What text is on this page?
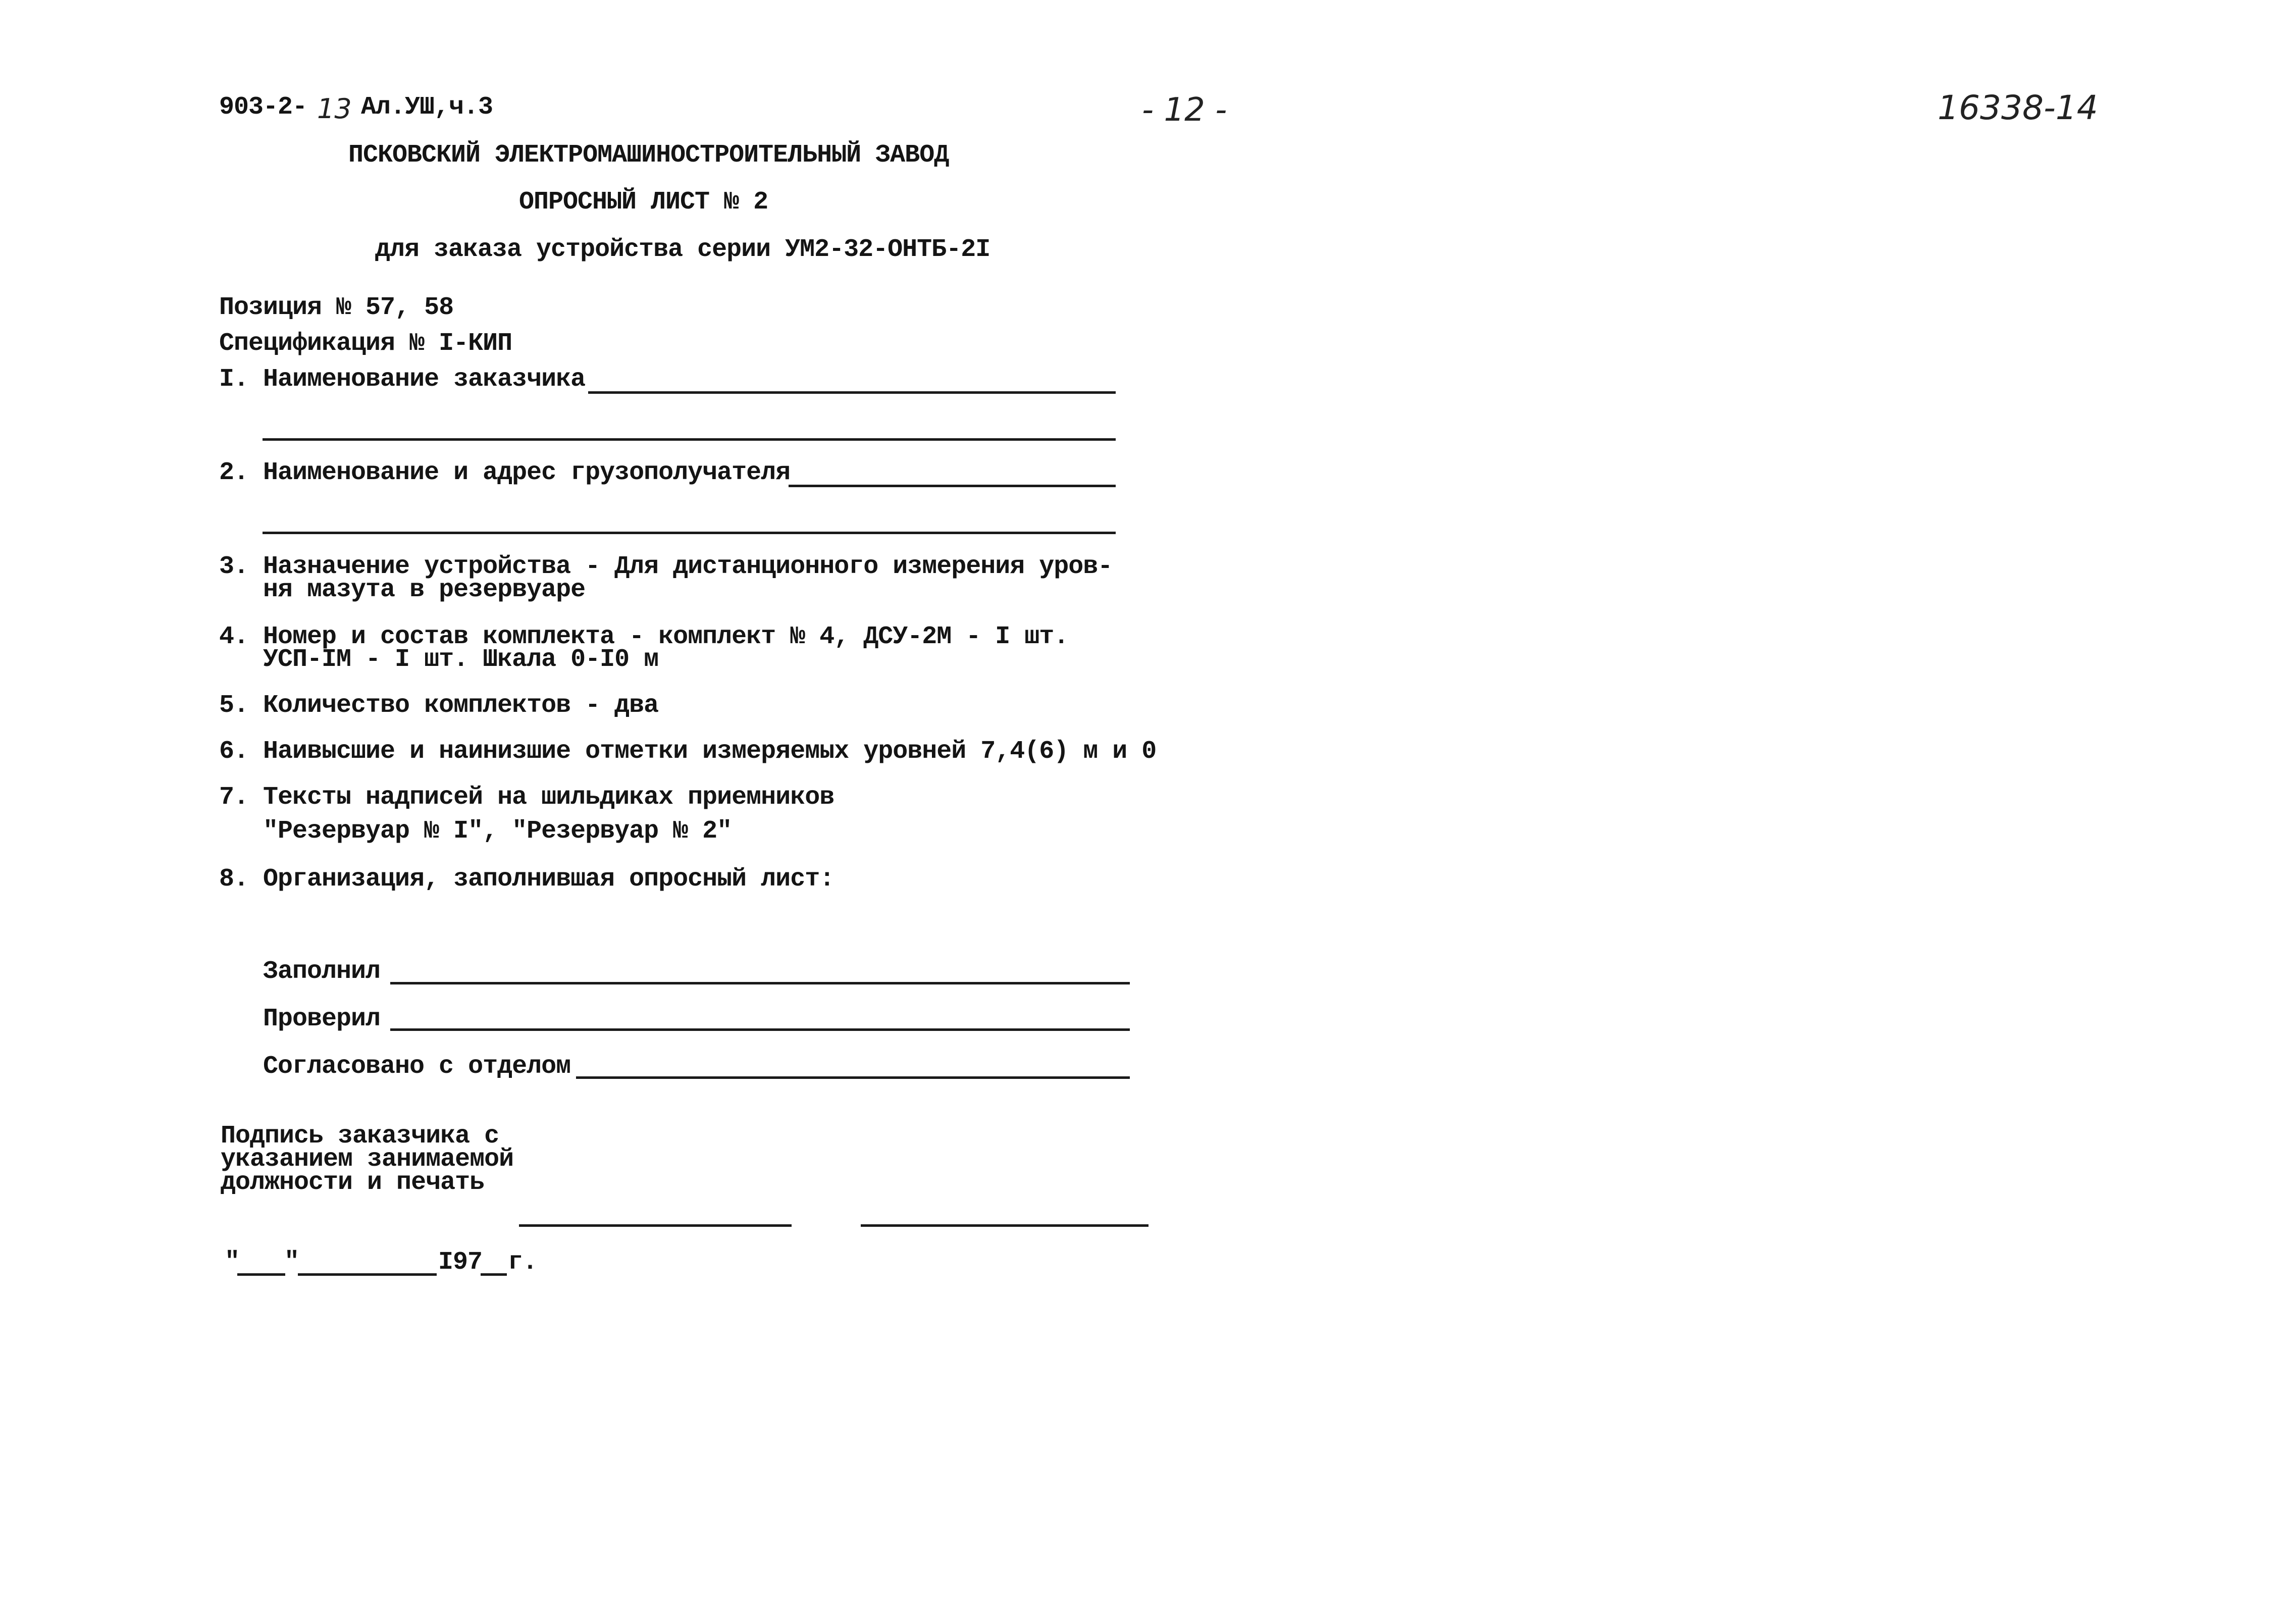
903-2- 13 Ал.УШ,ч.3	- 12 -	16338-14
ПСКОВСКИЙ ЭЛЕКТРОМАШИНОСТРОИТЕЛЬНЫЙ ЗАВОД
ОПРОСНЫЙ ЛИСТ № 2
для заказа устройства серии УМ2-32-ОНТБ-2I
Позиция № 57, 58
Спецификация № I-КИП
I. Наименование заказчика
2. Наименование и адрес грузополучателя
3. Назначение устройства - Для дистанционного измерения уров-
ня мазута в резервуаре
4. Номер и состав комплекта - комплект № 4, ДСУ-2М - I шт.
УСП-IМ - I шт. Шкала 0-I0 м
5. Количество комплектов - два
6. Наивысшие и наинизшие отметки измеряемых уровней 7,4(6) м и 0
7. Тексты надписей на шильдиках приемников
"Резервуар № I", "Резервуар № 2"
8. Организация, заполнившая опросный лист:
Заполнил
Проверил
Согласовано с отделом
Подпись заказчика с
указанием занимаемой
должности и печать
" "	I97 г.
